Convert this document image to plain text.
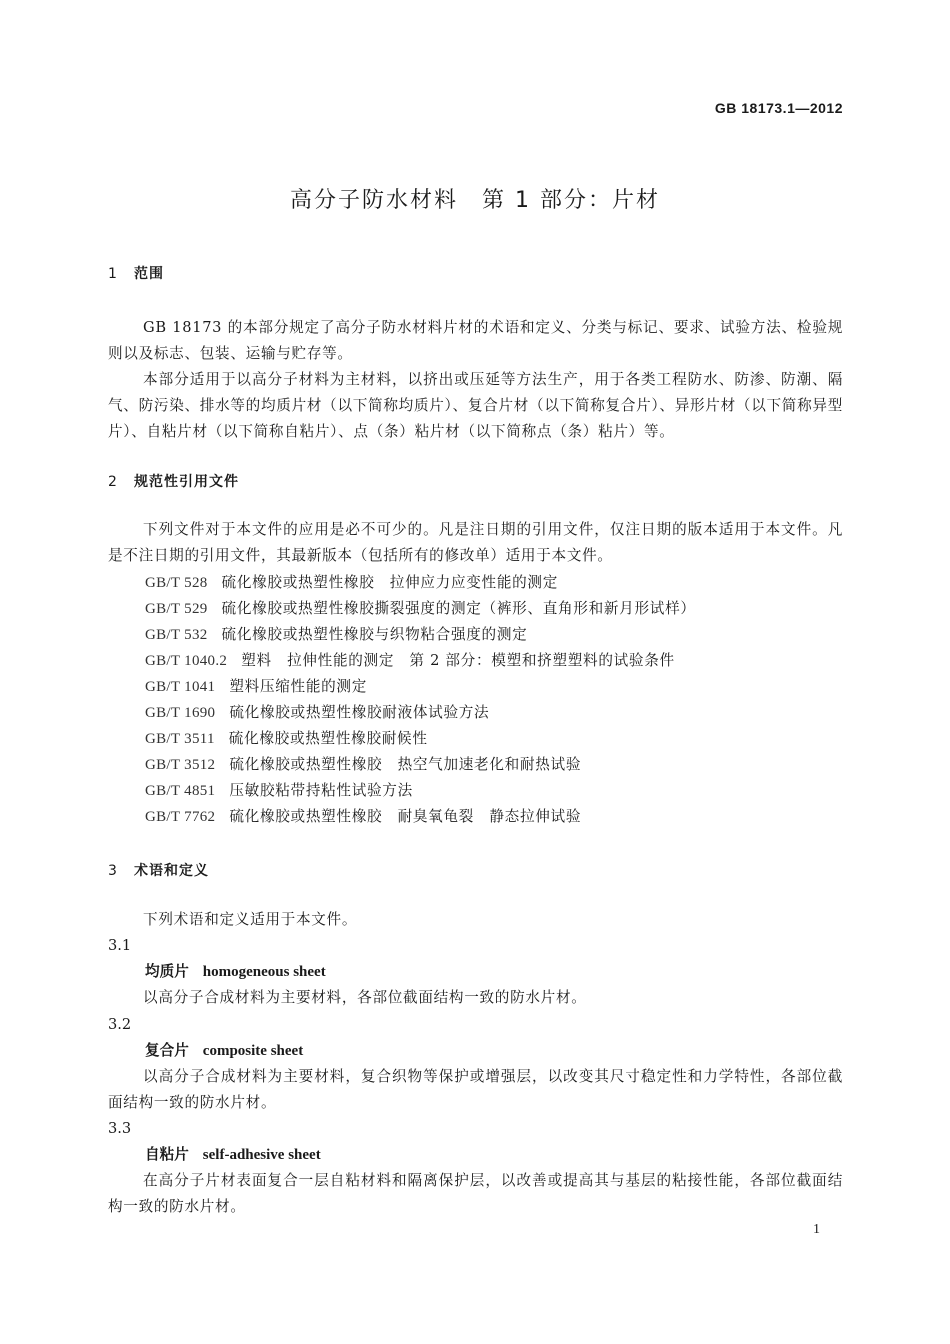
GB 18173.1—2012
高分子防水材料　第 1 部分：片材
1 范围
GB 18173 的本部分规定了高分子防水材料片材的术语和定义、分类与标记、要求、试验方法、检验规则以及标志、包装、运输与贮存等。
本部分适用于以高分子材料为主材料，以挤出或压延等方法生产，用于各类工程防水、防渗、防潮、隔气、防污染、排水等的均质片材（以下简称均质片）、复合片材（以下简称复合片）、异形片材（以下简称异型片）、自粘片材（以下简称自粘片）、点（条）粘片材（以下简称点（条）粘片）等。
2 规范性引用文件
下列文件对于本文件的应用是必不可少的。凡是注日期的引用文件，仅注日期的版本适用于本文件。凡是不注日期的引用文件，其最新版本（包括所有的修改单）适用于本文件。
GB/T 528 硫化橡胶或热塑性橡胶　拉伸应力应变性能的测定
GB/T 529 硫化橡胶或热塑性橡胶撕裂强度的测定（裤形、直角形和新月形试样）
GB/T 532 硫化橡胶或热塑性橡胶与织物粘合强度的测定
GB/T 1040.2 塑料　拉伸性能的测定　第 2 部分：模塑和挤塑塑料的试验条件
GB/T 1041 塑料压缩性能的测定
GB/T 1690 硫化橡胶或热塑性橡胶耐液体试验方法
GB/T 3511 硫化橡胶或热塑性橡胶耐候性
GB/T 3512 硫化橡胶或热塑性橡胶　热空气加速老化和耐热试验
GB/T 4851 压敏胶粘带持粘性试验方法
GB/T 7762 硫化橡胶或热塑性橡胶　耐臭氧龟裂　静态拉伸试验
3 术语和定义
下列术语和定义适用于本文件。
3.1
均质片 homogeneous sheet
以高分子合成材料为主要材料，各部位截面结构一致的防水片材。
3.2
复合片 composite sheet
以高分子合成材料为主要材料，复合织物等保护或增强层，以改变其尺寸稳定性和力学特性，各部位截面结构一致的防水片材。
3.3
自粘片 self-adhesive sheet
在高分子片材表面复合一层自粘材料和隔离保护层，以改善或提高其与基层的粘接性能，各部位截面结构一致的防水片材。
1
